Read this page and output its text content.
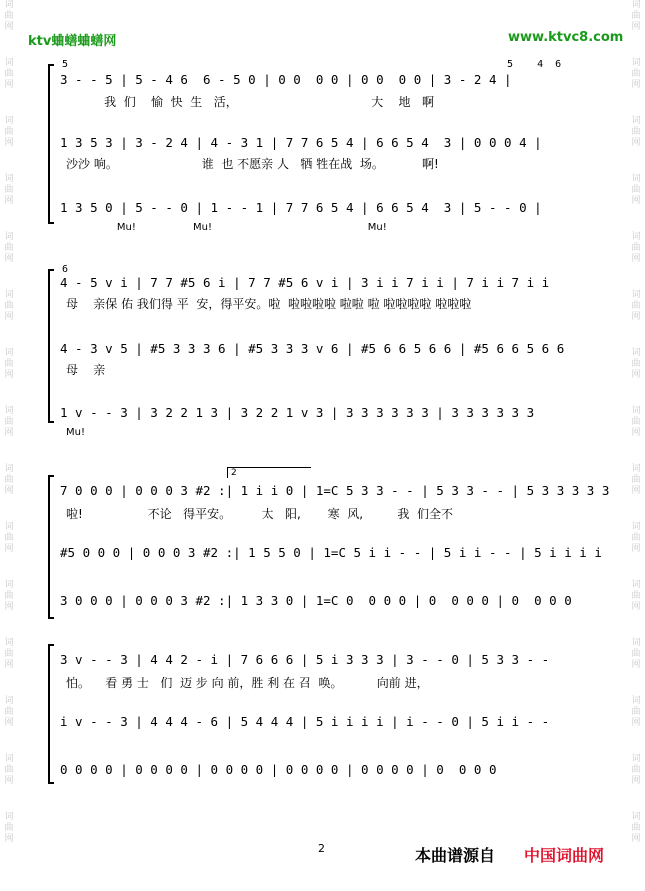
词
曲
网
词
曲
网
词
曲
网
词
曲
网
词
曲
网
词
曲
网
词
曲
网
词
曲
网
词
曲
网
词
曲
网
词
曲
网
词
曲
网
词
曲
网
词
曲
网
词
曲
网
词
曲
网
词
曲
网
词
曲
网
词
曲
网
词
曲
网
词
曲
网
词
曲
网
词
曲
网
词
曲
网
词
曲
网
词
曲
网
词
曲
网
词
曲
网
词
曲
网
词
曲
网
ktv蛐蟮蛐蟮网	www.ktvc8.com
5	5    4  6
3 - - 5 | 5 - 4 6  6 - 5 0 | 0 0  0 0 | 0 0  0 0 | 3 - 2 4 |
我  们    愉  快  生   活，                                   大    地   啊
1 3 5 3 | 3 - 2 4 | 4 - 3 1 | 7 7 6 5 4 | 6 6 5 4  3 | 0 0 0 4 |
沙沙 响。                      谁  也 不愿亲 人   牺 牲在战  场。          啊!
1 3 5 0 | 5 - - 0 | 1 - - 1 | 7 7 6 5 4 | 6 6 5 4  3 | 5 - - 0 |
Mu!                  Mu!                                                 Mu!
6
4 - 5 v i | 7 7 #5 6 i | 7 7 #5 6 v i | 3 i i 7 i i | 7 i i 7 i i
母    亲保 佑 我们得 平  安，得平安。啦  啦啦啦啦 啦啦 啦 啦啦啦啦 啦啦啦
4 - 3 v 5 | #5 3 3 3 6 | #5 3 3 3 v 6 | #5 6 6 5 6 6 | #5 6 6 5 6 6
母    亲
1 v - - 3 | 3 2 2 1 3 | 3 2 2 1 v 3 | 3 3 3 3 3 3 | 3 3 3 3 3 3
Mu!
2
7 0 0 0 | 0 0 0 3 #2 :| 1 i i 0 | 1=C 5 3 3 - - | 5 3 3 - - | 5 3 3 3 3 3
啦!                 不论   得平安。        太   阳,       寒  风,         我  们全不
#5 0 0 0 | 0 0 0 3 #2 :| 1 5 5 0 | 1=C 5 i i - - | 5 i i - - | 5 i i i i
3 0 0 0 | 0 0 0 3 #2 :| 1 3 3 0 | 1=C 0  0 0 0 | 0  0 0 0 | 0  0 0 0
3 v - - 3 | 4 4 2 - i | 7 6 6 6 | 5 i 3 3 3 | 3 - - 0 | 5 3 3 - -
怕。    看 勇 士   们  迈 步 向 前，胜 利 在 召  唤。         向前 进，
i v - - 3 | 4 4 4 - 6 | 5 4 4 4 | 5 i i i i | i - - 0 | 5 i i - -
0 0 0 0 | 0 0 0 0 | 0 0 0 0 | 0 0 0 0 | 0 0 0 0 | 0  0 0 0
2	本曲谱源自 中国词曲网
